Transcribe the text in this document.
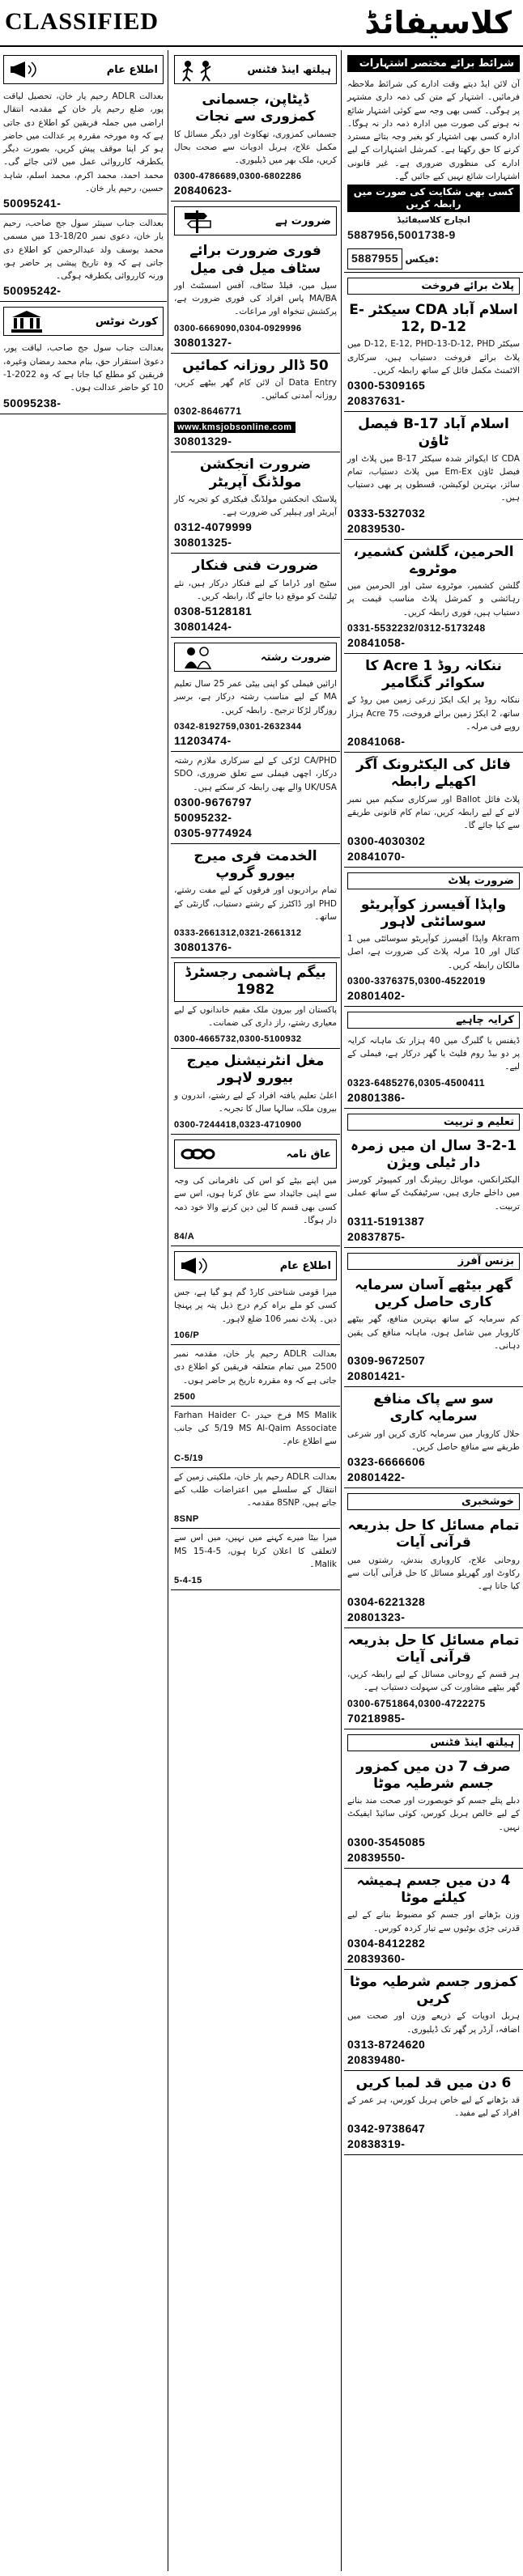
CLASSIFIED	کلاسیفائڈ
شرائط برائے مختصر اشتہارات
آن لائن ایڈ دیتے وقت ادارے کی شرائط ملاحظہ فرمائیں۔ اشتہار کے متن کی ذمہ داری مشتہر پر ہوگی۔ کسی بھی وجہ سے کوئی اشتہار شائع نہ ہونے کی صورت میں ادارہ ذمہ دار نہ ہوگا۔ ادارہ کسی بھی اشتہار کو بغیر وجہ بتائے مسترد کرنے کا حق رکھتا ہے۔ کمرشل اشتہارات کے لیے ادارے کی منظوری ضروری ہے۔ غیر قانونی اشتہارات شائع نہیں کیے جائیں گے۔
کسی بھی شکایت کی صورت میں رابطہ کریں
انچارج کلاسیفائیڈ
5887956,5001738-9
5887955 فیکس:
پلاٹ برائے فروخت
اسلام آباد CDA سیکٹر E-12, D-12
سیکٹر D-12, E-12, PHD-13-D-12, PHD میں پلاٹ برائے فروخت دستیاب ہیں، سرکاری الاٹمنٹ مکمل فائل کے ساتھ رابطہ کریں۔
0300-5309165
20837631-
اسلام آباد B-17 فیصل ٹاؤن
CDA کا ایکوائر شدہ سیکٹر B-17 میں پلاٹ اور فیصل ٹاؤن Em-Ex میں پلاٹ دستیاب، تمام سائز، بہترین لوکیشن، قسطوں پر بھی دستیاب ہیں۔
0333-5327032
20839530-
الحرمین، گلشن کشمیر، موٹروے
گلشن کشمیر، موٹروے سٹی اور الحرمین میں رہائشی و کمرشل پلاٹ مناسب قیمت پر دستیاب ہیں، فوری رابطہ کریں۔
0331-5532232/0312-5173248
20841058-
ننکانہ روڈ 1 Acre کا سکوائر گنگامیر
ننکانہ روڈ پر ایک ایکڑ زرعی زمین مین روڈ کے ساتھ، 2 ایکڑ زمین برائے فروخت، Acre 75 ہزار روپے فی مرلہ۔
20841068-
فائل کی الیکٹرونک آگر اکھیلے رابطہ
پلاٹ فائل Ballot اور سرکاری سکیم میں نمبر لانے کے لیے رابطہ کریں، تمام کام قانونی طریقے سے کیا جائے گا۔
0300-4030302
20841070-
ضرورت پلاٹ
واپڈا آفیسرز کوآپریٹو سوسائٹی لاہور
Akram واپڈا آفیسرز کوآپریٹو سوسائٹی میں 1 کنال اور 10 مرلہ پلاٹ کی ضرورت ہے، اصل مالکان رابطہ کریں۔
0300-3376375,0300-4522019
20801402-
کرایہ چاہیے
ڈیفنس یا گلبرگ میں 40 ہزار تک ماہانہ کرایہ پر دو بیڈ روم فلیٹ یا گھر درکار ہے، فیملی کے لیے۔
0323-6485276,0305-4500411
20801386-
تعلیم و تربیت
3-2-1 سال ان میں زمرہ دار ٹیلی ویژن
الیکٹرانکس، موبائل ریپئرنگ اور کمپیوٹر کورسز میں داخلے جاری ہیں، سرٹیفکیٹ کے ساتھ عملی تربیت۔
0311-5191387
20837875-
بزنس آفرز
گھر بیٹھے آسان سرمایہ کاری حاصل کریں
کم سرمایہ کے ساتھ بہترین منافع، گھر بیٹھے کاروبار میں شامل ہوں، ماہانہ منافع کی یقین دہانی۔
0309-9672507
20801421-
سو سے پاک منافع سرمایہ کاری
حلال کاروبار میں سرمایہ کاری کریں اور شرعی طریقے سے منافع حاصل کریں۔
0323-6666606
20801422-
خوشخبری
تمام مسائل کا حل بذریعہ قرآنی آیات
روحانی علاج، کاروباری بندش، رشتوں میں رکاوٹ اور گھریلو مسائل کا حل قرآنی آیات سے کیا جاتا ہے۔
0304-6221328
20801323-
تمام مسائل کا حل بذریعہ قرآنی آیات
ہر قسم کے روحانی مسائل کے لیے رابطہ کریں، گھر بیٹھے مشاورت کی سہولت دستیاب ہے۔
0300-6751864,0300-4722275
70218985-
ہیلتھ اینڈ فٹنس
صرف 7 دن میں کمزور جسم شرطیہ موٹا
دبلے پتلے جسم کو خوبصورت اور صحت مند بنانے کے لیے خالص ہربل کورس، کوئی سائیڈ ایفیکٹ نہیں۔
0300-3545085
20839550-
4 دن میں جسم ہمیشہ کیلئے موٹا
وزن بڑھانے اور جسم کو مضبوط بنانے کے لیے قدرتی جڑی بوٹیوں سے تیار کردہ کورس۔
0304-8412282
20839360-
کمزور جسم شرطیہ موٹا کریں
ہربل ادویات کے ذریعے وزن اور صحت میں اضافہ، آرڈر پر گھر تک ڈیلیوری۔
0313-8724620
20839480-
6 دن میں قد لمبا کریں
قد بڑھانے کے لیے خاص ہربل کورس، ہر عمر کے افراد کے لیے مفید۔
0342-9738647
20838319-
ہیلتھ اینڈ فٹنس
ڈیٹاپن، جسمانی کمزوری سے نجات
جسمانی کمزوری، تھکاوٹ اور دیگر مسائل کا مکمل علاج، ہربل ادویات سے صحت بحال کریں، ملک بھر میں ڈیلیوری۔
0300-4786689,0300-6802286
20840623-
ضرورت ہے
فوری ضرورت برائے سٹاف میل فی میل
سیل مین، فیلڈ سٹاف، آفس اسسٹنٹ اور MA/BA پاس افراد کی فوری ضرورت ہے، پرکشش تنخواہ اور مراعات۔
0300-6669090,0304-0929996
30801327-
50 ڈالر روزانہ کمائیں
Data Entry آن لائن کام گھر بیٹھے کریں، روزانہ آمدنی کمائیں۔
0302-8646771
www.kmsjobsonline.com
30801329-
ضرورت انجکشن مولڈنگ آپریٹر
پلاسٹک انجکشن مولڈنگ فیکٹری کو تجربہ کار آپریٹر اور ہیلپر کی ضرورت ہے۔
0312-4079999
30801325-
ضرورت فنی فنکار
سٹیج اور ڈراما کے لیے فنکار درکار ہیں، نئے ٹیلنٹ کو موقع دیا جائے گا، رابطہ کریں۔
0308-5128181
30801424-
ضرورت رشتہ
ارائیں فیملی کو اپنی بیٹی عمر 25 سال تعلیم MA کے لیے مناسب رشتہ درکار ہے، برسر روزگار لڑکا ترجیح۔ رابطہ کریں۔
0342-8192759,0301-2632344
11203474-
CA/PHD لڑکی کے لیے سرکاری ملازم رشتہ درکار، اچھی فیملی سے تعلق ضروری، SDO UK/USA والے بھی رابطہ کر سکتے ہیں۔
0300-9676797
50095232-
0305-9774924
الخدمت فری میرج بیورو گروپ
تمام برادریوں اور فرقوں کے لیے مفت رشتے، PHD اور ڈاکٹرز کے رشتے دستیاب، گارنٹی کے ساتھ۔
0333-2661312,0321-2661312
30801376-
بیگم ہاشمی رجسٹرڈ 1982
پاکستان اور بیرون ملک مقیم خاندانوں کے لیے معیاری رشتے، راز داری کی ضمانت۔
0300-4665732,0300-5100932
مغل انٹرنیشنل میرج بیورو لاہور
اعلیٰ تعلیم یافتہ افراد کے لیے رشتے، اندرون و بیرون ملک، سالہا سال کا تجربہ۔
0300-7244418,0323-4710900
عاق نامہ
میں اپنے بیٹے کو اس کی نافرمانی کی وجہ سے اپنی جائیداد سے عاق کرتا ہوں، اس سے کسی بھی قسم کا لین دین کرنے والا خود ذمہ دار ہوگا۔
84/A
اطلاع عام
میرا قومی شناختی کارڈ گم ہو گیا ہے، جس کسی کو ملے براہ کرم درج ذیل پتہ پر پہنچا دیں۔ پلاٹ نمبر 106 ضلع لاہور۔
106/P
بعدالت ADLR رحیم یار خان، مقدمہ نمبر 2500 میں تمام متعلقہ فریقین کو اطلاع دی جاتی ہے کہ وہ مقررہ تاریخ پر حاضر ہوں۔
2500
MS Malik فرخ حیدر Farhan Haider C-5/19 MS Al-Qaim Associate کی جانب سے اطلاع عام۔
C-5/19
بعدالت ADLR رحیم یار خان، ملکیتی زمین کے انتقال کے سلسلے میں اعتراضات طلب کیے جاتے ہیں، 8SNP مقدمہ۔
8SNP
میرا بیٹا میرے کہنے میں نہیں، میں اس سے لاتعلقی کا اعلان کرتا ہوں، 5-4-15 MS Malik۔
5-4-15
اطلاع عام
بعدالت ADLR رحیم یار خان، تحصیل لیاقت پور، ضلع رحیم یار خان کے مقدمہ انتقال اراضی میں جملہ فریقین کو اطلاع دی جاتی ہے کہ وہ مورخہ مقررہ پر عدالت میں حاضر ہو کر اپنا موقف پیش کریں، بصورت دیگر یکطرفہ کارروائی عمل میں لائی جائے گی۔ محمد احمد، محمد اکرم، محمد اسلم، شاہد حسین، رحیم یار خان۔
50095241-
بعدالت جناب سینئر سول جج صاحب، رحیم یار خان، دعوی نمبر 18/20-13 میں مسمی محمد یوسف ولد عبدالرحمن کو اطلاع دی جاتی ہے کہ وہ تاریخ پیشی پر حاضر ہو، ورنہ کارروائی یکطرفہ ہوگی۔
50095242-
کورٹ نوٹس
بعدالت جناب سول جج صاحب، لیاقت پور، دعویٰ استقرار حق، بنام محمد رمضان وغیرہ، فریقین کو مطلع کیا جاتا ہے کہ وہ 2022-1-10 کو حاضر عدالت ہوں۔
50095238-
